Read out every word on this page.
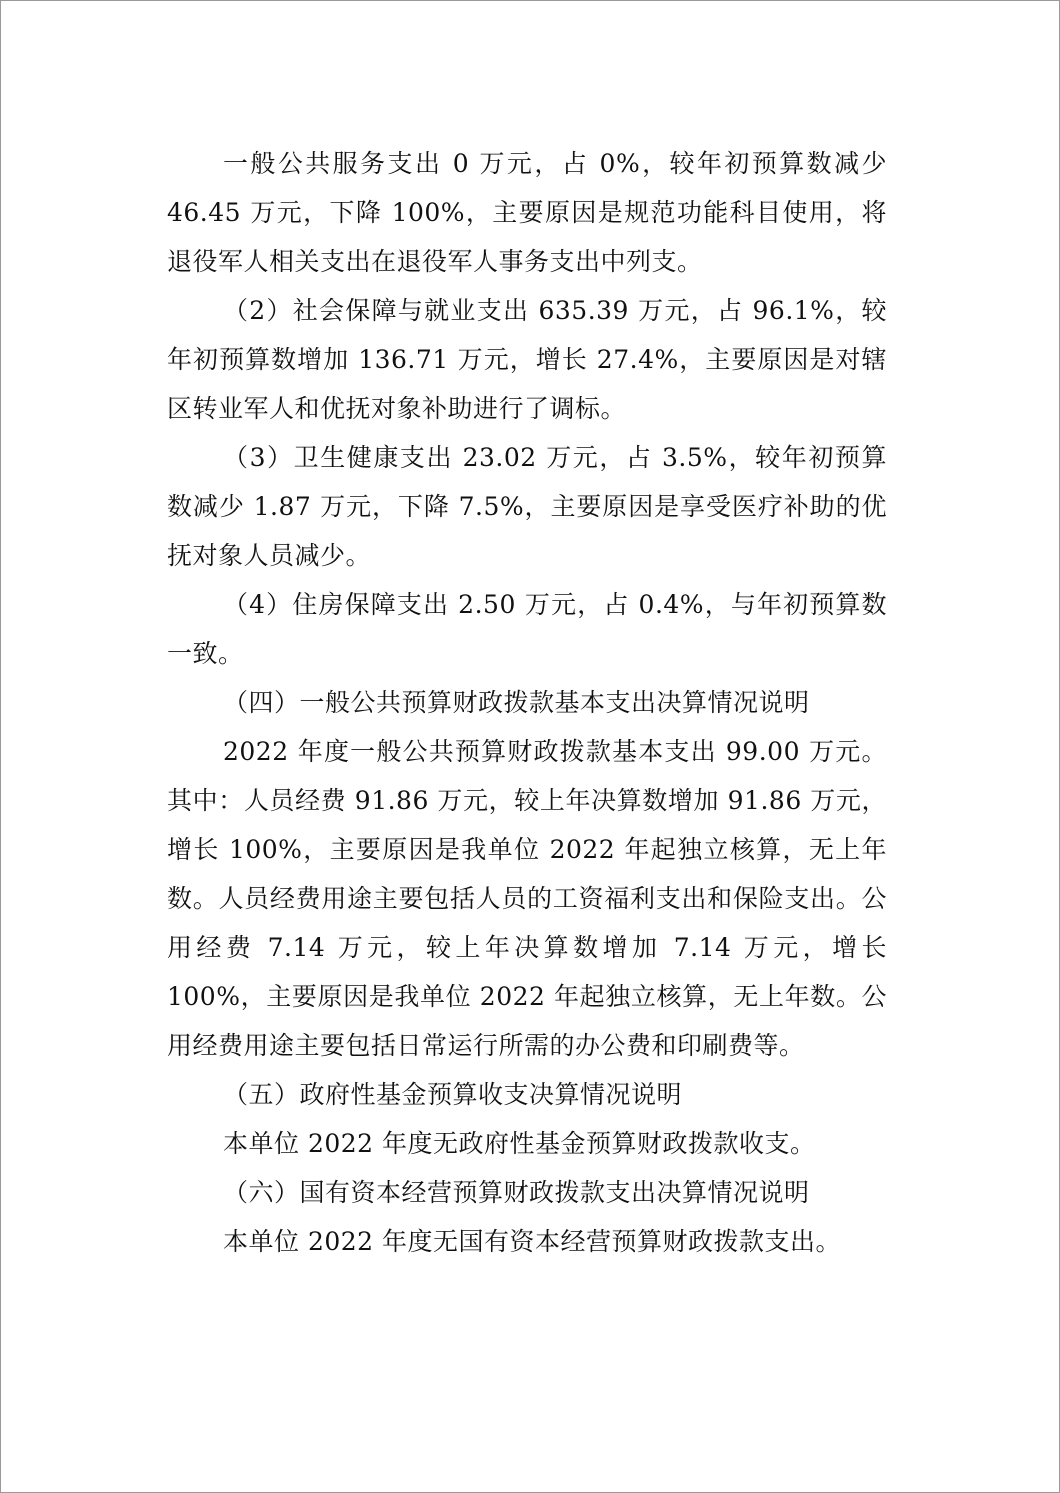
一般公共服务支出 0 万元，占 0%，较年初预算数减少 46.45 万元，下降 100%，主要原因是规范功能科目使用，将退役军人相关支出在退役军人事务支出中列支。

（2）社会保障与就业支出 635.39 万元，占 96.1%，较年初预算数增加 136.71 万元，增长 27.4%，主要原因是对辖区转业军人和优抚对象补助进行了调标。

（3）卫生健康支出 23.02 万元，占 3.5%，较年初预算数减少 1.87 万元，下降 7.5%，主要原因是享受医疗补助的优抚对象人员减少。

（4）住房保障支出 2.50 万元，占 0.4%，与年初预算数一致。

（四）一般公共预算财政拨款基本支出决算情况说明

2022 年度一般公共预算财政拨款基本支出 99.00 万元。其中：人员经费 91.86 万元，较上年决算数增加 91.86 万元，增长 100%，主要原因是我单位 2022 年起独立核算，无上年数。人员经费用途主要包括人员的工资福利支出和保险支出。公用经费 7.14 万元，较上年决算数增加 7.14 万元，增长 100%，主要原因是我单位 2022 年起独立核算，无上年数。公用经费用途主要包括日常运行所需的办公费和印刷费等。

（五）政府性基金预算收支决算情况说明

本单位 2022 年度无政府性基金预算财政拨款收支。

（六）国有资本经营预算财政拨款支出决算情况说明

本单位 2022 年度无国有资本经营预算财政拨款支出。
